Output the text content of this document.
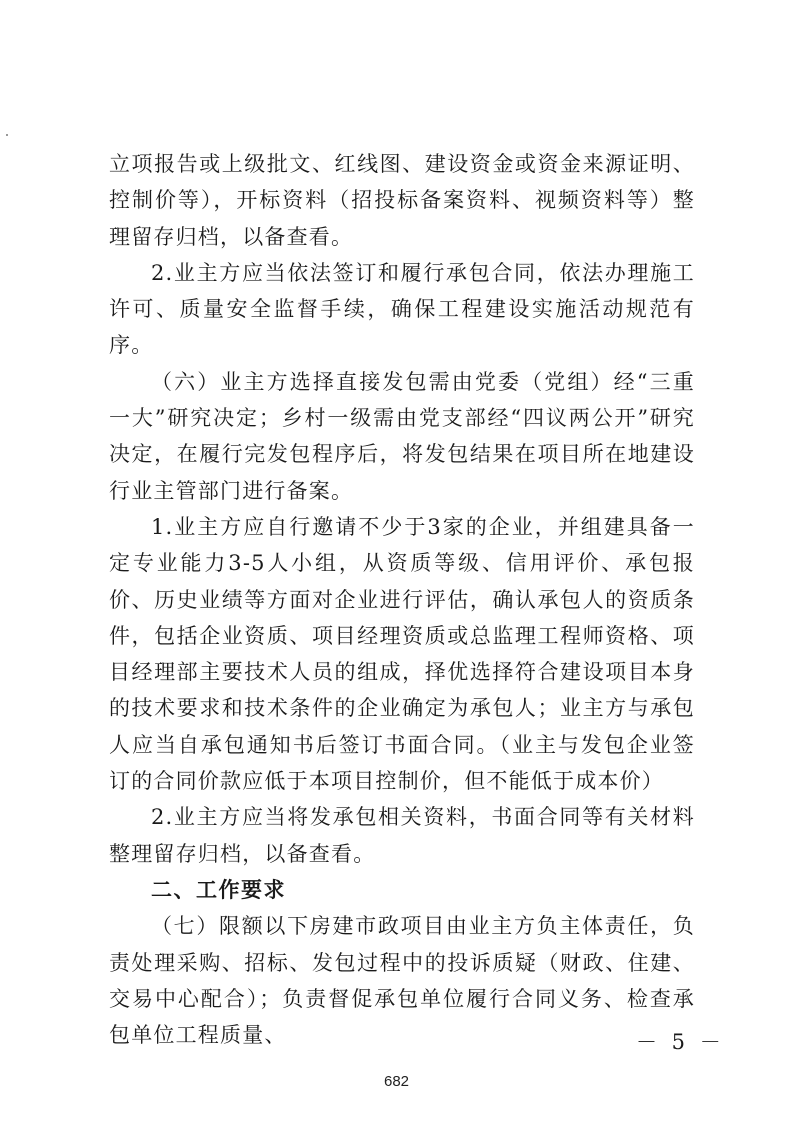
立项报告或上级批文、红线图、建设资金或资金来源证明、控制价等），开标资料（招投标备案资料、视频资料等）整理留存归档，以备查看。

2.业主方应当依法签订和履行承包合同，依法办理施工许可、质量安全监督手续，确保工程建设实施活动规范有序。

（六）业主方选择直接发包需由党委（党组）经“三重一大”研究决定；乡村一级需由党支部经“四议两公开”研究决定，在履行完发包程序后，将发包结果在项目所在地建设行业主管部门进行备案。

1.业主方应自行邀请不少于3家的企业，并组建具备一定专业能力3-5人小组，从资质等级、信用评价、承包报价、历史业绩等方面对企业进行评估，确认承包人的资质条件，包括企业资质、项目经理资质或总监理工程师资格、项目经理部主要技术人员的组成，择优选择符合建设项目本身的技术要求和技术条件的企业确定为承包人；业主方与承包人应当自承包通知书后签订书面合同。（业主与发包企业签订的合同价款应低于本项目控制价，但不能低于成本价）

2.业主方应当将发承包相关资料，书面合同等有关材料整理留存归档，以备查看。

二、工作要求

（七）限额以下房建市政项目由业主方负主体责任，负责处理采购、招标、发包过程中的投诉质疑（财政、住建、交易中心配合）；负责督促承包单位履行合同义务、检查承包单位工程质量、	－ 5 －
682
